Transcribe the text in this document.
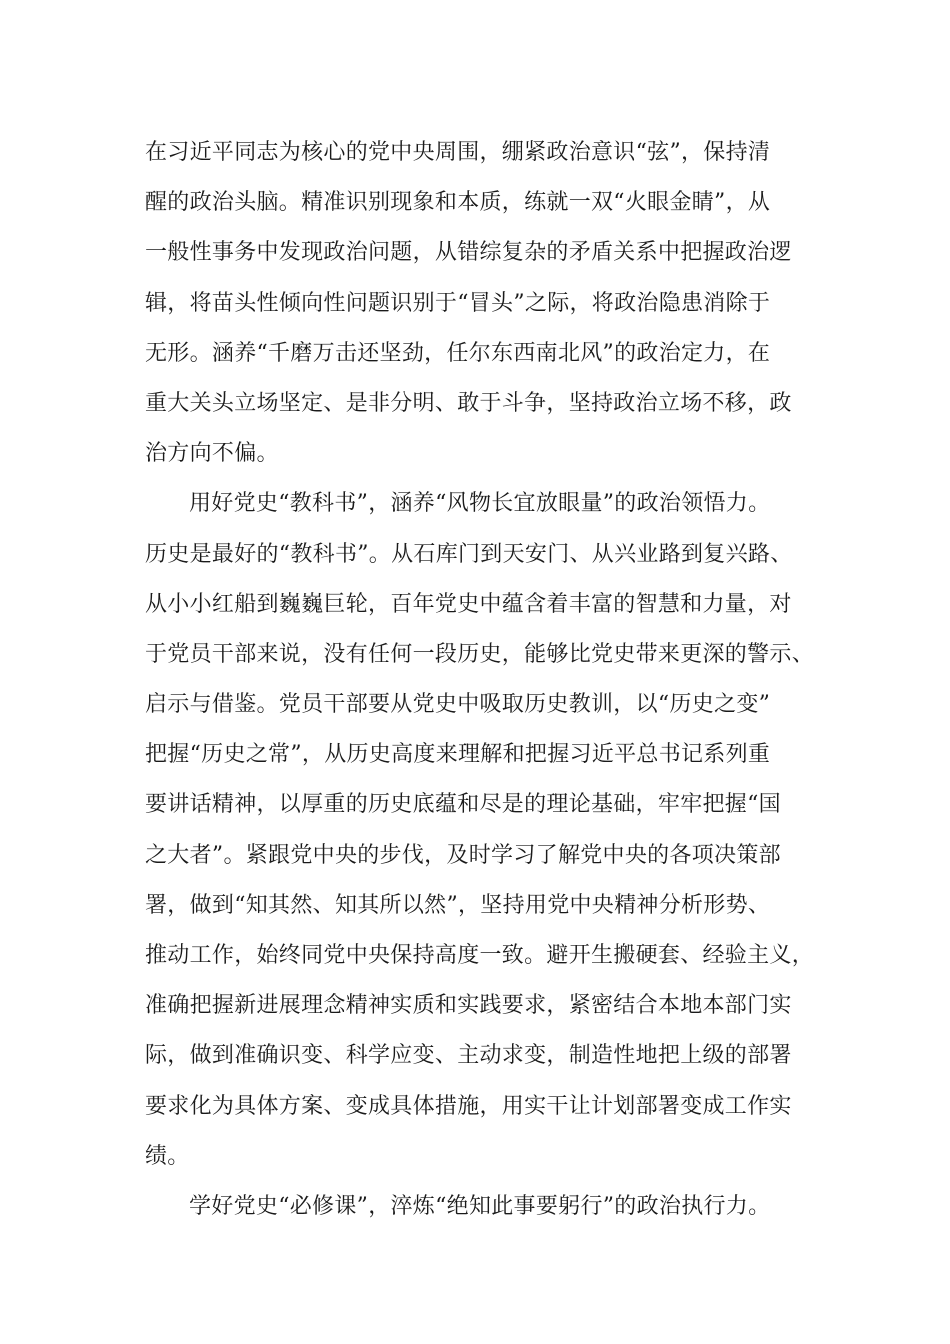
在习近平同志为核心的党中央周围，绷紧政治意识“弦”，保持清
醒的政治头脑。精准识别现象和本质，练就一双“火眼金睛”，从
一般性事务中发现政治问题，从错综复杂的矛盾关系中把握政治逻
辑，将苗头性倾向性问题识别于“冒头”之际，将政治隐患消除于
无形。涵养“千磨万击还坚劲，任尔东西南北风”的政治定力，在
重大关头立场坚定、是非分明、敢于斗争，坚持政治立场不移，政
治方向不偏。
用好党史“教科书”，涵养“风物长宜放眼量”的政治领悟力。
历史是最好的“教科书”。从石库门到天安门、从兴业路到复兴路、
从小小红船到巍巍巨轮，百年党史中蕴含着丰富的智慧和力量，对
于党员干部来说，没有任何一段历史，能够比党史带来更深的警示、
启示与借鉴。党员干部要从党史中吸取历史教训，以“历史之变”
把握“历史之常”，从历史高度来理解和把握习近平总书记系列重
要讲话精神，以厚重的历史底蕴和尽是的理论基础，牢牢把握“国
之大者”。紧跟党中央的步伐，及时学习了解党中央的各项决策部
署，做到“知其然、知其所以然”，坚持用党中央精神分析形势、
推动工作，始终同党中央保持高度一致。避开生搬硬套、经验主义，
准确把握新进展理念精神实质和实践要求，紧密结合本地本部门实
际，做到准确识变、科学应变、主动求变，制造性地把上级的部署
要求化为具体方案、变成具体措施，用实干让计划部署变成工作实
绩。
学好党史“必修课”，淬炼“绝知此事要躬行”的政治执行力。
